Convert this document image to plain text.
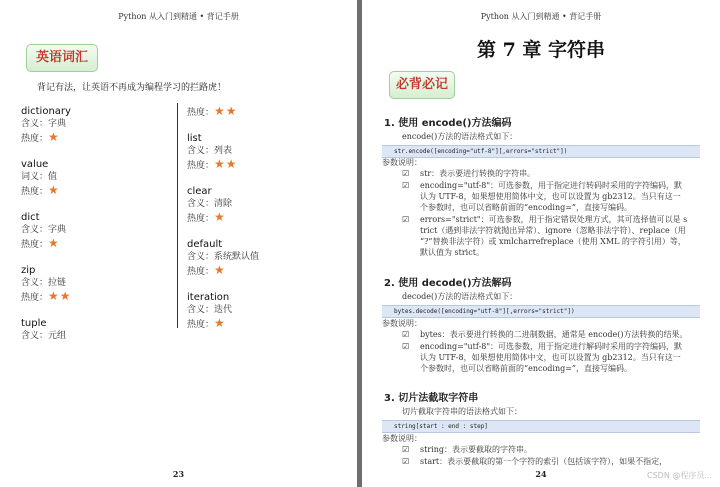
Python 从入门到精通 • 背记手册
英语词汇
背记有法，让英语不再成为编程学习的拦路虎！
dictionary
含义：字典
热度：★
value
词义：值
热度：★
dict
含义：字典
热度：★
zip
含义：拉链
热度：★★
tuple
含义：元组
热度：★★
list
含义：列表
热度：★★
clear
含义：清除
热度：★
default
含义：系统默认值
热度：★
iteration
含义：迭代
热度：★
23
Python 从入门到精通 • 背记手册
第 7 章 字符串
必背必记
1. 使用 encode()方法编码
encode()方法的语法格式如下：
str.encode([encoding="utf-8"][,errors="strict"])
参数说明：
☑ str：表示要进行转换的字符串。
☑ encoding="utf-8"：可选参数，用于指定进行转码时采用的字符编码，默
认为 UTF-8，如果想使用简体中文，也可以设置为 gb2312。当只有这一
个参数时，也可以省略前面的“encoding=”，直接写编码。
☑ errors="strict"：可选参数，用于指定错误处理方式，其可选择值可以是 s
trict（遇到非法字符就抛出异常）、ignore（忽略非法字符）、replace（用
“?”替换非法字符）或 xmlcharrefreplace（使用 XML 的字符引用）等，
默认值为 strict。
2. 使用 decode()方法解码
decode()方法的语法格式如下：
bytes.decode([encoding="utf-8"][,errors="strict"])
参数说明：
☑ bytes：表示要进行转换的二进制数据，通常是 encode()方法转换的结果。
☑ encoding="utf-8"：可选参数，用于指定进行解码时采用的字符编码，默
认为 UTF-8，如果想使用简体中文，也可以设置为 gb2312。当只有这一
个参数时，也可以省略前面的“encoding=”，直接写编码。
3. 切片法截取字符串
切片截取字符串的语法格式如下：
string[start : end : step]
参数说明：
☑ string：表示要截取的字符串。
☑ start：表示要截取的第一个字符的索引（包括该字符），如果不指定，
24	CSDN @程序员...
